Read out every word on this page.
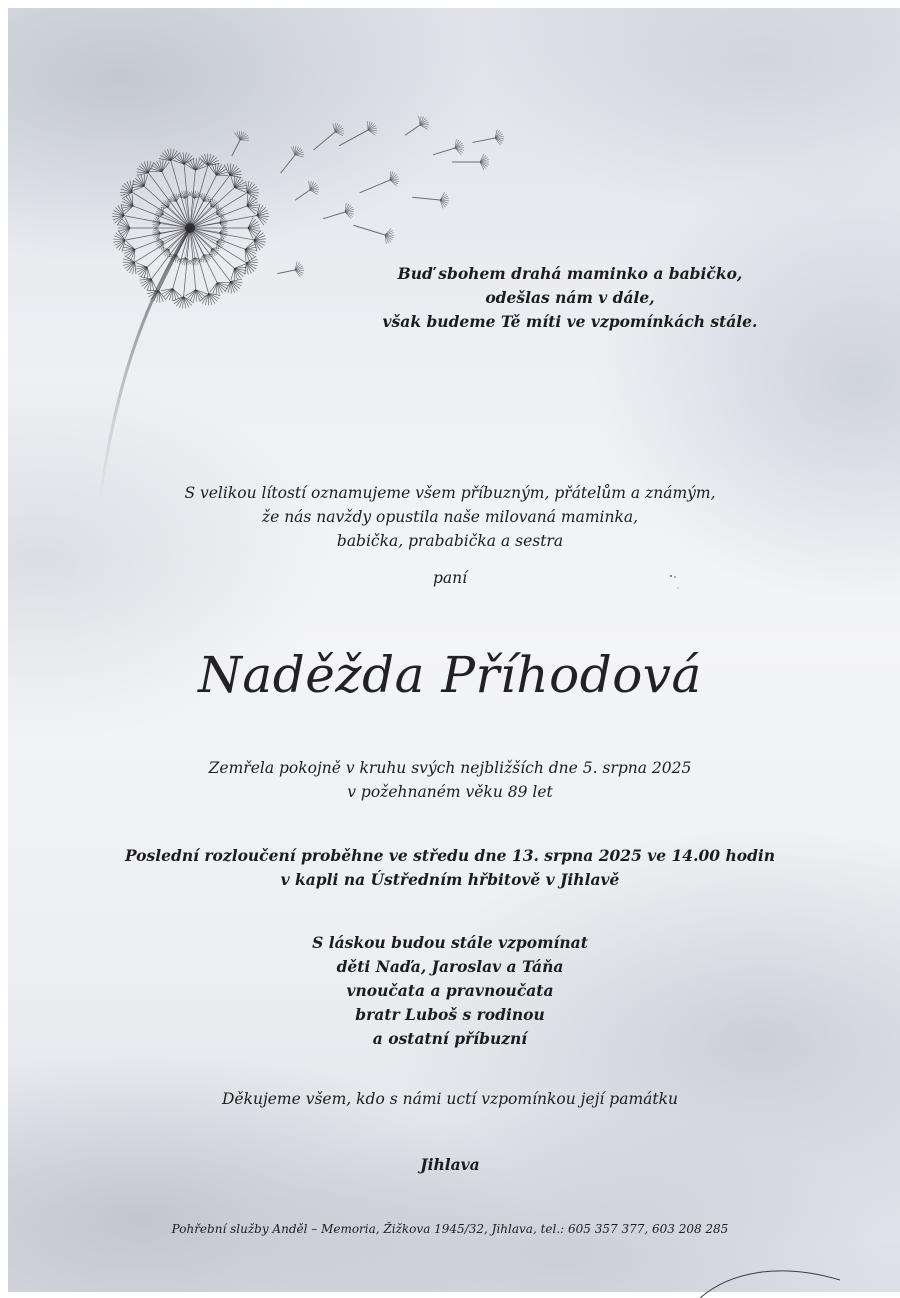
Buď sbohem drahá maminko a babičko,
odešlas nám v dále,
však budeme Tě míti ve vzpomínkách stále.
S velikou lítostí oznamujeme všem příbuzným, přátelům a známým,
že nás navždy opustila naše milovaná maminka,
babička, prababička a sestra
paní
Naděžda Příhodová
Zemřela pokojně v kruhu svých nejbližších dne 5. srpna 2025
v požehnaném věku 89 let
Poslední rozloučení proběhne ve středu dne 13. srpna 2025 ve 14.00 hodin
v kapli na Ústředním hřbitově v Jihlavě
S láskou budou stále vzpomínat
děti Naďa, Jaroslav a Táňa
vnoučata a pravnoučata
bratr Luboš s rodinou
a ostatní příbuzní
Děkujeme všem, kdo s námi uctí vzpomínkou její památku
Jihlava
Pohřební služby Anděl – Memoria, Žižkova 1945/32, Jihlava, tel.: 605 357 377, 603 208 285
